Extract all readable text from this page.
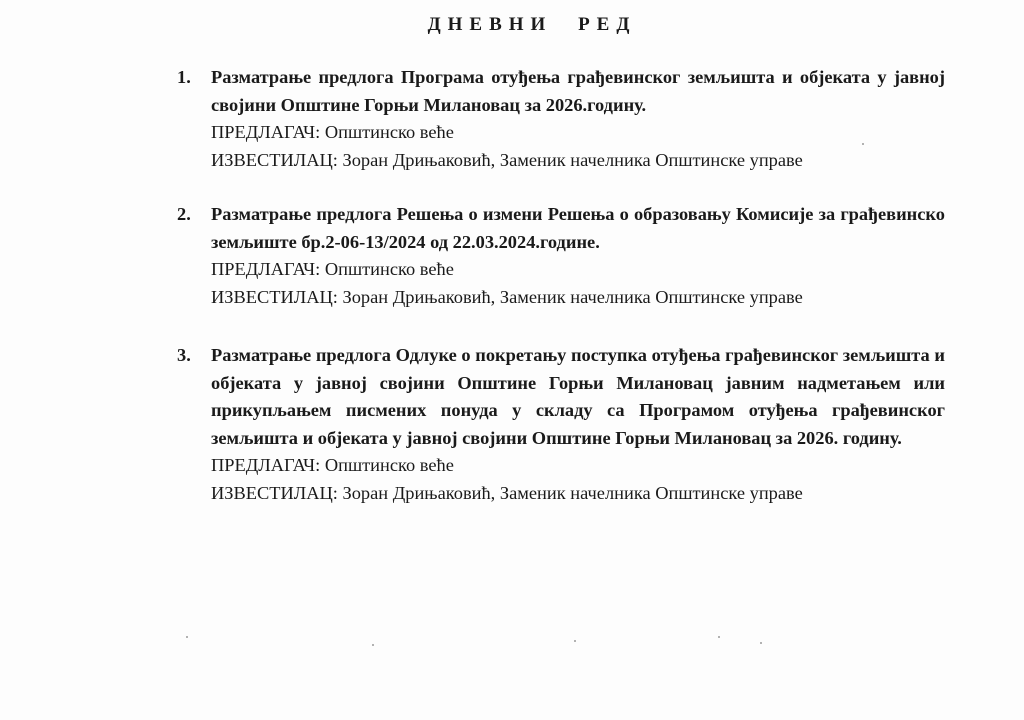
ДНЕВНИ РЕД
1. Разматрање предлога Програма отуђења грађевинског земљишта и објеката у јавној својини Општине Горњи Милановац за 2026.годину.
ПРЕДЛАГАЧ: Општинско веће
ИЗВЕСТИЛАЦ: Зоран Дрињаковић, Заменик начелника Општинске управе
2. Разматрање предлога Решења о измени Решења о образовању Комисије за грађевинско земљиште бр.2-06-13/2024 од 22.03.2024.године.
ПРЕДЛАГАЧ: Општинско веће
ИЗВЕСТИЛАЦ: Зоран Дрињаковић, Заменик начелника Општинске управе
3. Разматрање предлога Одлуке о покретању поступка отуђења грађевинског земљишта и објеката у јавној својини Општине Горњи Милановац јавним надметањем или прикупљањем писмених понуда у складу са Програмом отуђења грађевинског земљишта и објеката у јавној својини Општине Горњи Милановац за 2026. годину.
ПРЕДЛАГАЧ: Општинско веће
ИЗВЕСТИЛАЦ: Зоран Дрињаковић, Заменик начелника Општинске управе
